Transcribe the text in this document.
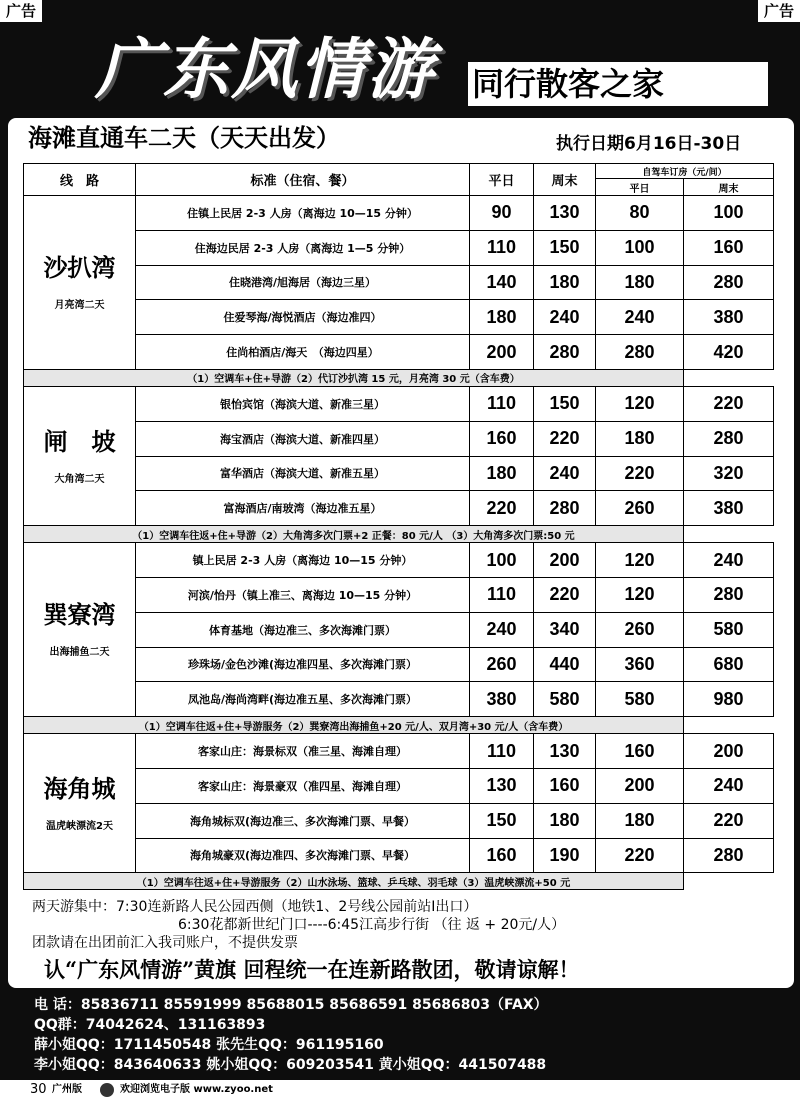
广告	广告
广东风情游	同行散客之家
海滩直通车二天（天天出发）	执行日期6月16日-30日
线　路	标准（住宿、餐）	平日	周末	自驾车订房（元/间）	
				平日	周末

沙扒湾
月亮湾二天	住镇上民居 2-3 人房（离海边 10—15 分钟）	90	130	80	100
	住海边民居 2-3 人房（离海边 1—5 分钟）	110	150	100	160
	住晓港湾/旭海居（海边三星）	140	180	180	280
	住爱琴海/海悦酒店（海边准四）	180	240	240	380
	住尚柏酒店/海天　（海边四星）	200	280	280	420
（1）空调车+住+导游（2）代订沙扒湾 15 元，月亮湾 30 元（含车费）					

闸　坡
大角湾二天	银怡宾馆（海滨大道、新准三星）	110	150	120	220
	海宝酒店（海滨大道、新准四星）	160	220	180	280
	富华酒店（海滨大道、新准五星）	180	240	220	320
	富海酒店/南玻湾（海边准五星）	220	280	260	380
（1）空调车往返+住+导游（2）大角湾多次门票+2 正餐：80 元/人 （3）大角湾多次门票:50 元					

巽寮湾
出海捕鱼二天	镇上民居 2-3 人房（离海边 10—15 分钟）	100	200	120	240
	河滨/怡丹（镇上准三、离海边 10—15 分钟）	110	220	120	280
	体育基地（海边准三、多次海滩门票）	240	340	260	580
	珍珠场/金色沙滩(海边准四星、多次海滩门票）	260	440	360	680
	凤池岛/海尚湾畔(海边准五星、多次海滩门票）	380	580	580	980
（1）空调车往返+住+导游服务（2）巽寮湾出海捕鱼+20 元/人、双月湾+30 元/人（含车费）					

海角城
温虎峡漂流2天	客家山庄：海景标双（准三星、海滩自理）	110	130	160	200
	客家山庄：海景豪双（准四星、海滩自理）	130	160	200	240
	海角城标双(海边准三、多次海滩门票、早餐）	150	180	180	220
	海角城豪双(海边准四、多次海滩门票、早餐）	160	190	220	280
（1）空调车往返+住+导游服务（2）山水泳场、篮球、乒乓球、羽毛球（3）温虎峡漂流+50 元					
两天游集中：7:30连新路人民公园西侧（地铁1、2号线公园前站I出口）
6:30花都新世纪门口----6:45江高步行街 （往 返 + 20元/人）
团款请在出团前汇入我司账户，不提供发票
认“广东风情游”黄旗 回程统一在连新路散团，敬请谅解！
电 话：85836711 85591999 85688015 85686591 85686803（FAX）
QQ群：74042624、131163893
薛小姐QQ：1711450548 张先生QQ：961195160
李小姐QQ：843640633 姚小姐QQ：609203541 黄小姐QQ：441507488
30 广州版	欢迎浏览电子版 www.zyoo.net
